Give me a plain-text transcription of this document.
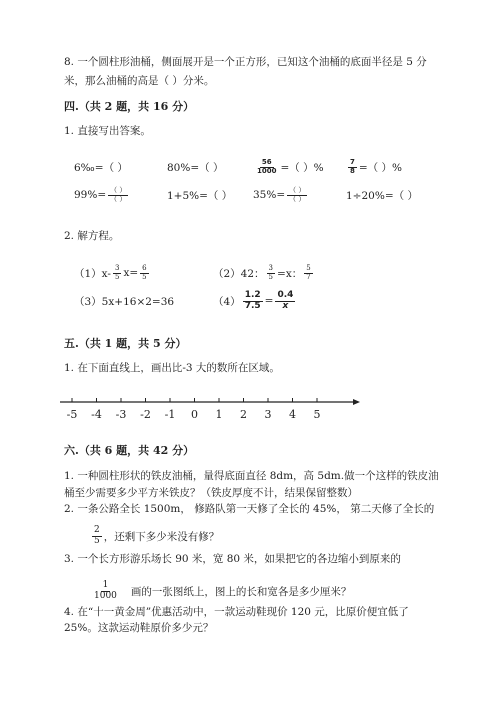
8. 一个圆柱形油桶，侧面展开是一个正方形，已知这个油桶的底面半径是 5 分
米，那么油桶的高是（ ）分米。
四.（共 2 题，共 16 分）
1. 直接写出答案。
6‰=（ ）	80%=（ ）	$\frac{56}{1000}$ =（ ）%	$\frac{7}{8}$ =（ ）%
$99\%= \frac{( )}{( )}$	1+5%=（ ） $35\%= \frac{( )}{( )}$	1÷20%=（ ）
2. 解方程。
$(1)x- \frac{3}{5} x= \frac{6}{5}$	（2）42： $\frac{3}{5} =x$： $\frac{5}{7}$
（3）5x+16×2=36	$(4) \frac{1.2}{7.5} = \frac{0.4}{x}$
五.（共 1 题，共 5 分）
1. 在下面直线上，画出比-3 大的数所在区域。
-5 -4 -3 -2 -1 0 1 2 3 4 5
六.（共 6 题，共 42 分）
1. 一种圆柱形状的铁皮油桶，量得底面直径 8dm，高 5dm.做一个这样的铁皮油
桶至少需要多少平方米铁皮？（铁皮厚度不计，结果保留整数）
2. 一条公路全长 1500m， 修路队第一天修了全长的 45%， 第二天修了全长的
$\frac{2}{5}$ ，还剩下多少米没有修？
3. 一个长方形游乐场长 90 米，宽 80 米，如果把它的各边缩小到原来的
$\frac{1}{1000}$ 画的一张图纸上，图上的长和宽各是多少厘米？
4. 在“十一黄金周”优惠活动中，一款运动鞋现价 120 元，比原价便宜低了
25%。这款运动鞋原价多少元？
